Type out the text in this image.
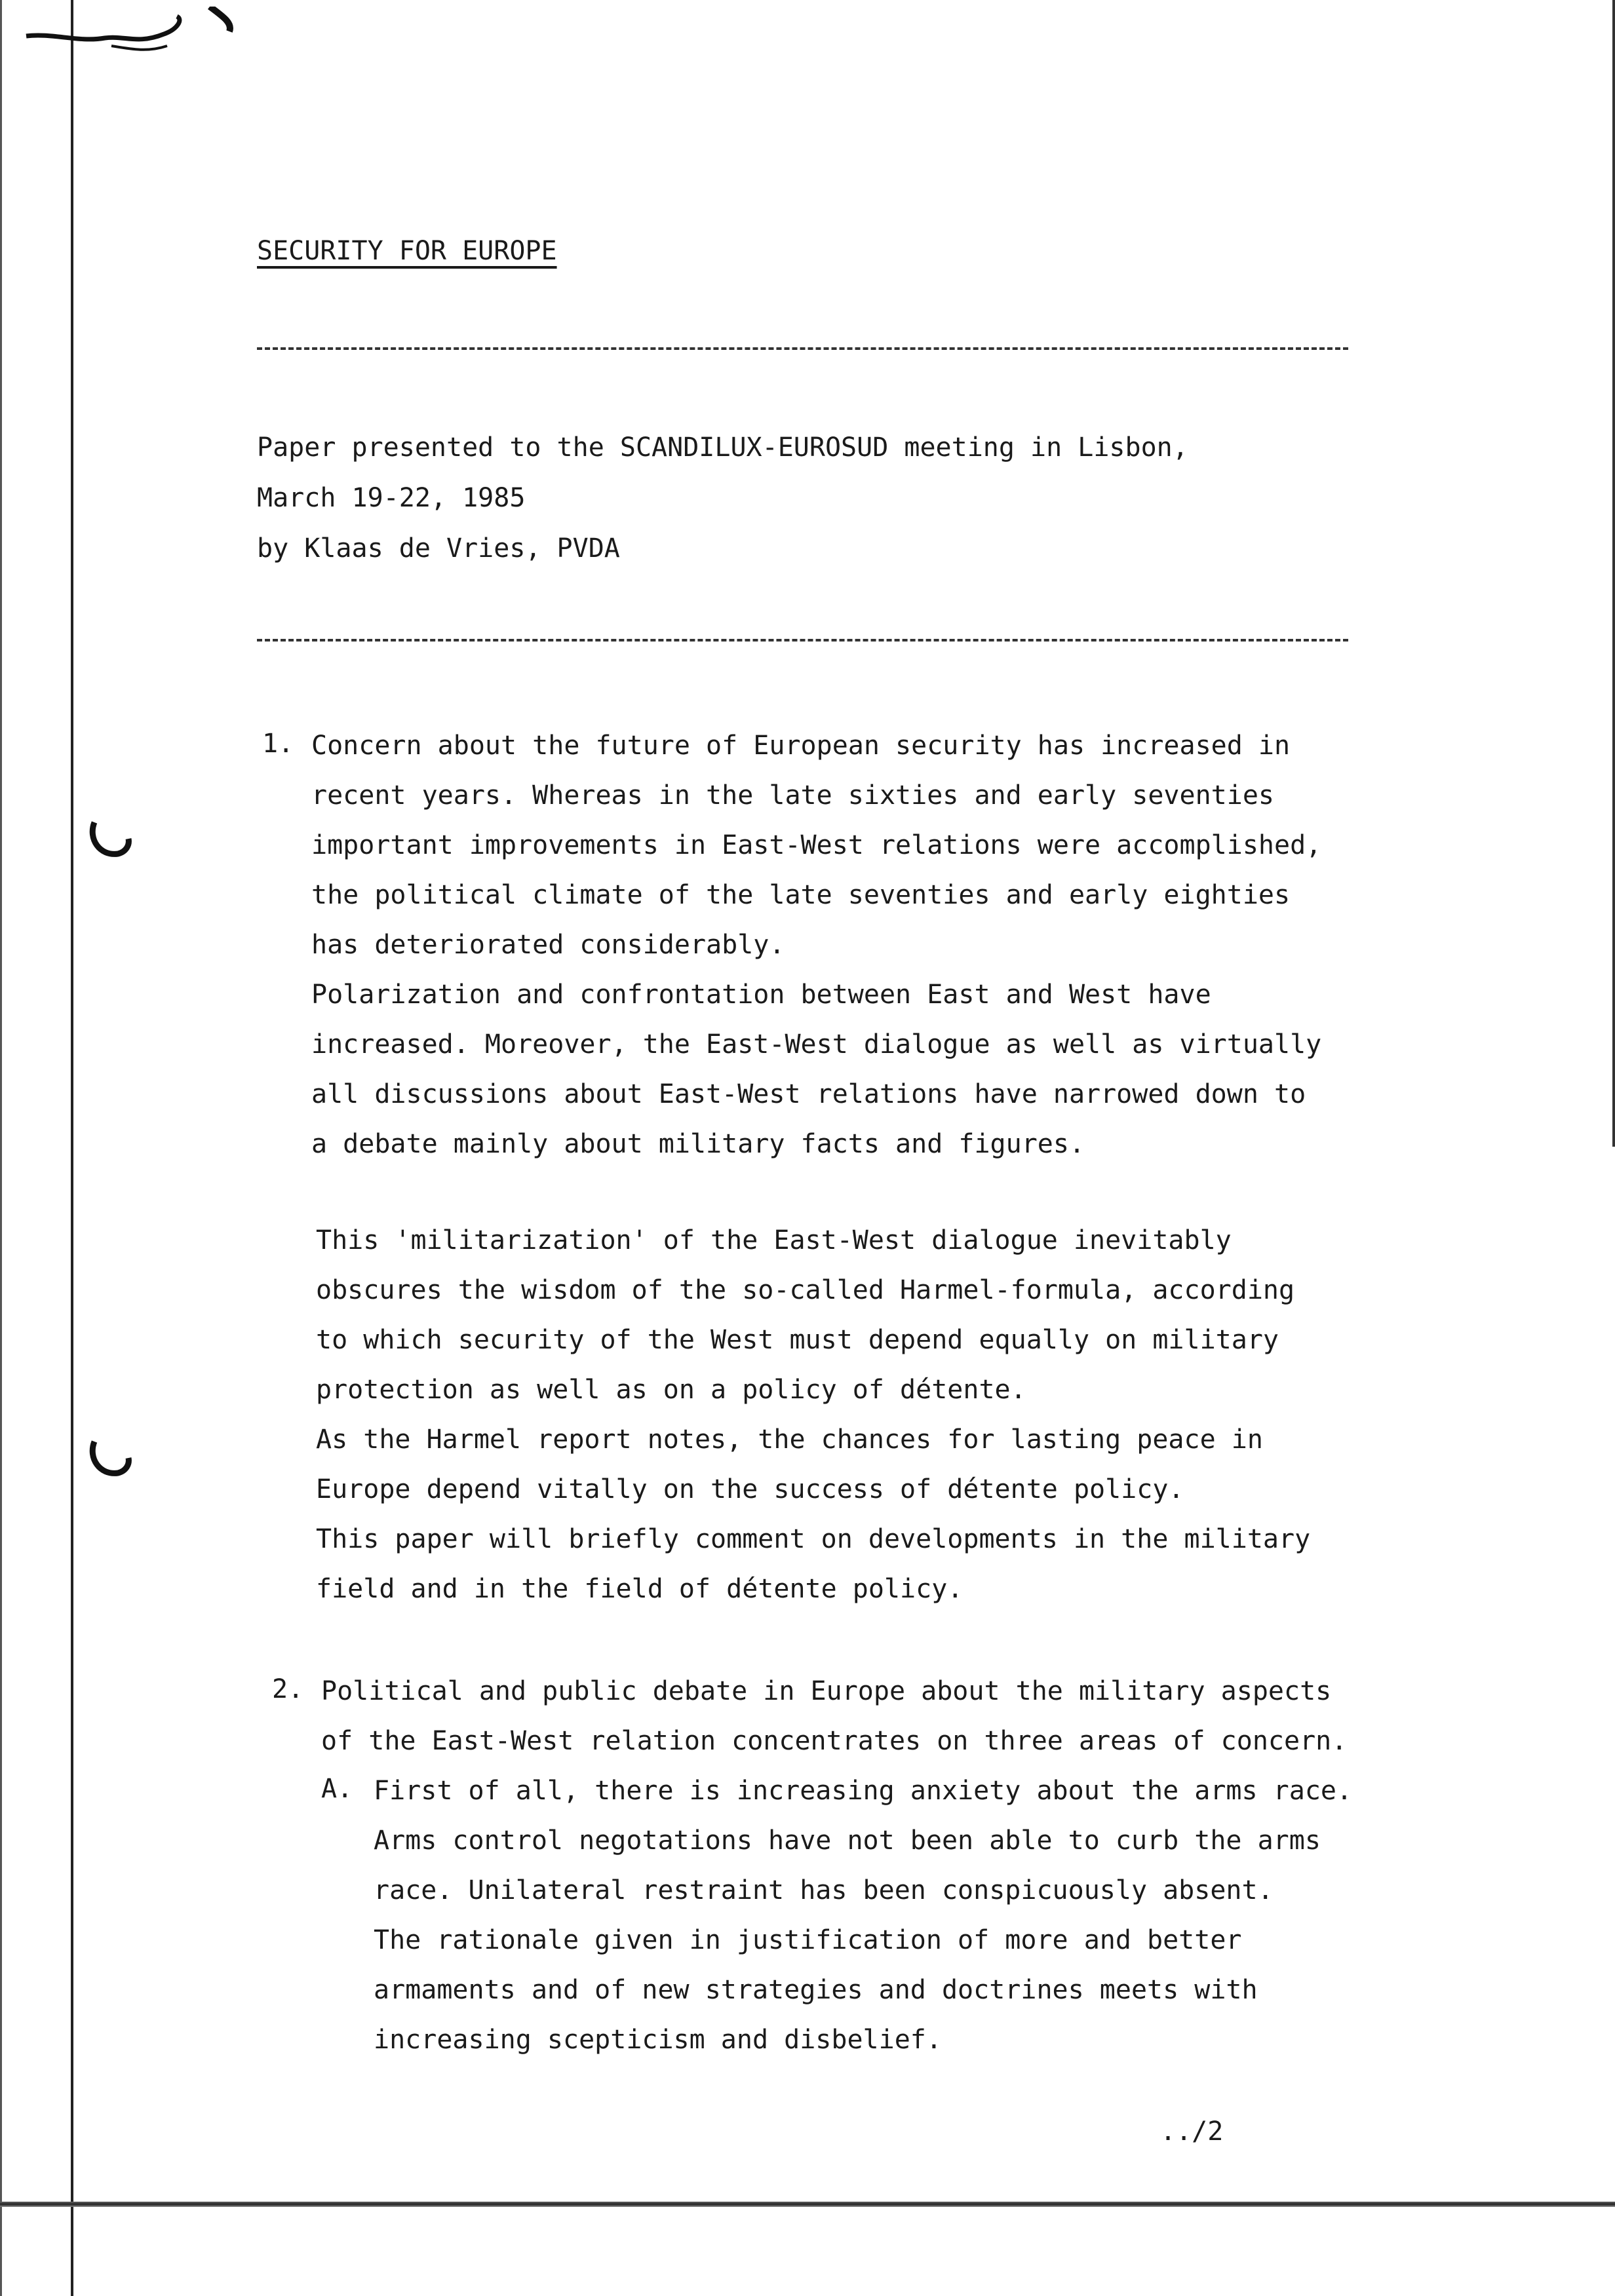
SECURITY FOR EUROPE
Paper presented to the SCANDILUX-EUROSUD meeting in Lisbon,
March 19-22, 1985
by Klaas de Vries, PVDA
1. Concern about the future of European security has increased in
recent years. Whereas in the late sixties and early seventies
important improvements in East-West relations were accomplished,
the political climate of the late seventies and early eighties
has deteriorated considerably.
Polarization and confrontation between East and West have
increased. Moreover, the East-West dialogue as well as virtually
all discussions about East-West relations have narrowed down to
a debate mainly about military facts and figures.
This 'militarization' of the East-West dialogue inevitably
obscures the wisdom of the so-called Harmel-formula, according
to which security of the West must depend equally on military
protection as well as on a policy of détente.
As the Harmel report notes, the chances for lasting peace in
Europe depend vitally on the success of détente policy.
This paper will briefly comment on developments in the military
field and in the field of détente policy.
2. Political and public debate in Europe about the military aspects
of the East-West relation concentrates on three areas of concern.
A. First of all, there is increasing anxiety about the arms race.
Arms control negotations have not been able to curb the arms
race. Unilateral restraint has been conspicuously absent.
The rationale given in justification of more and better
armaments and of new strategies and doctrines meets with
increasing scepticism and disbelief.
../2
